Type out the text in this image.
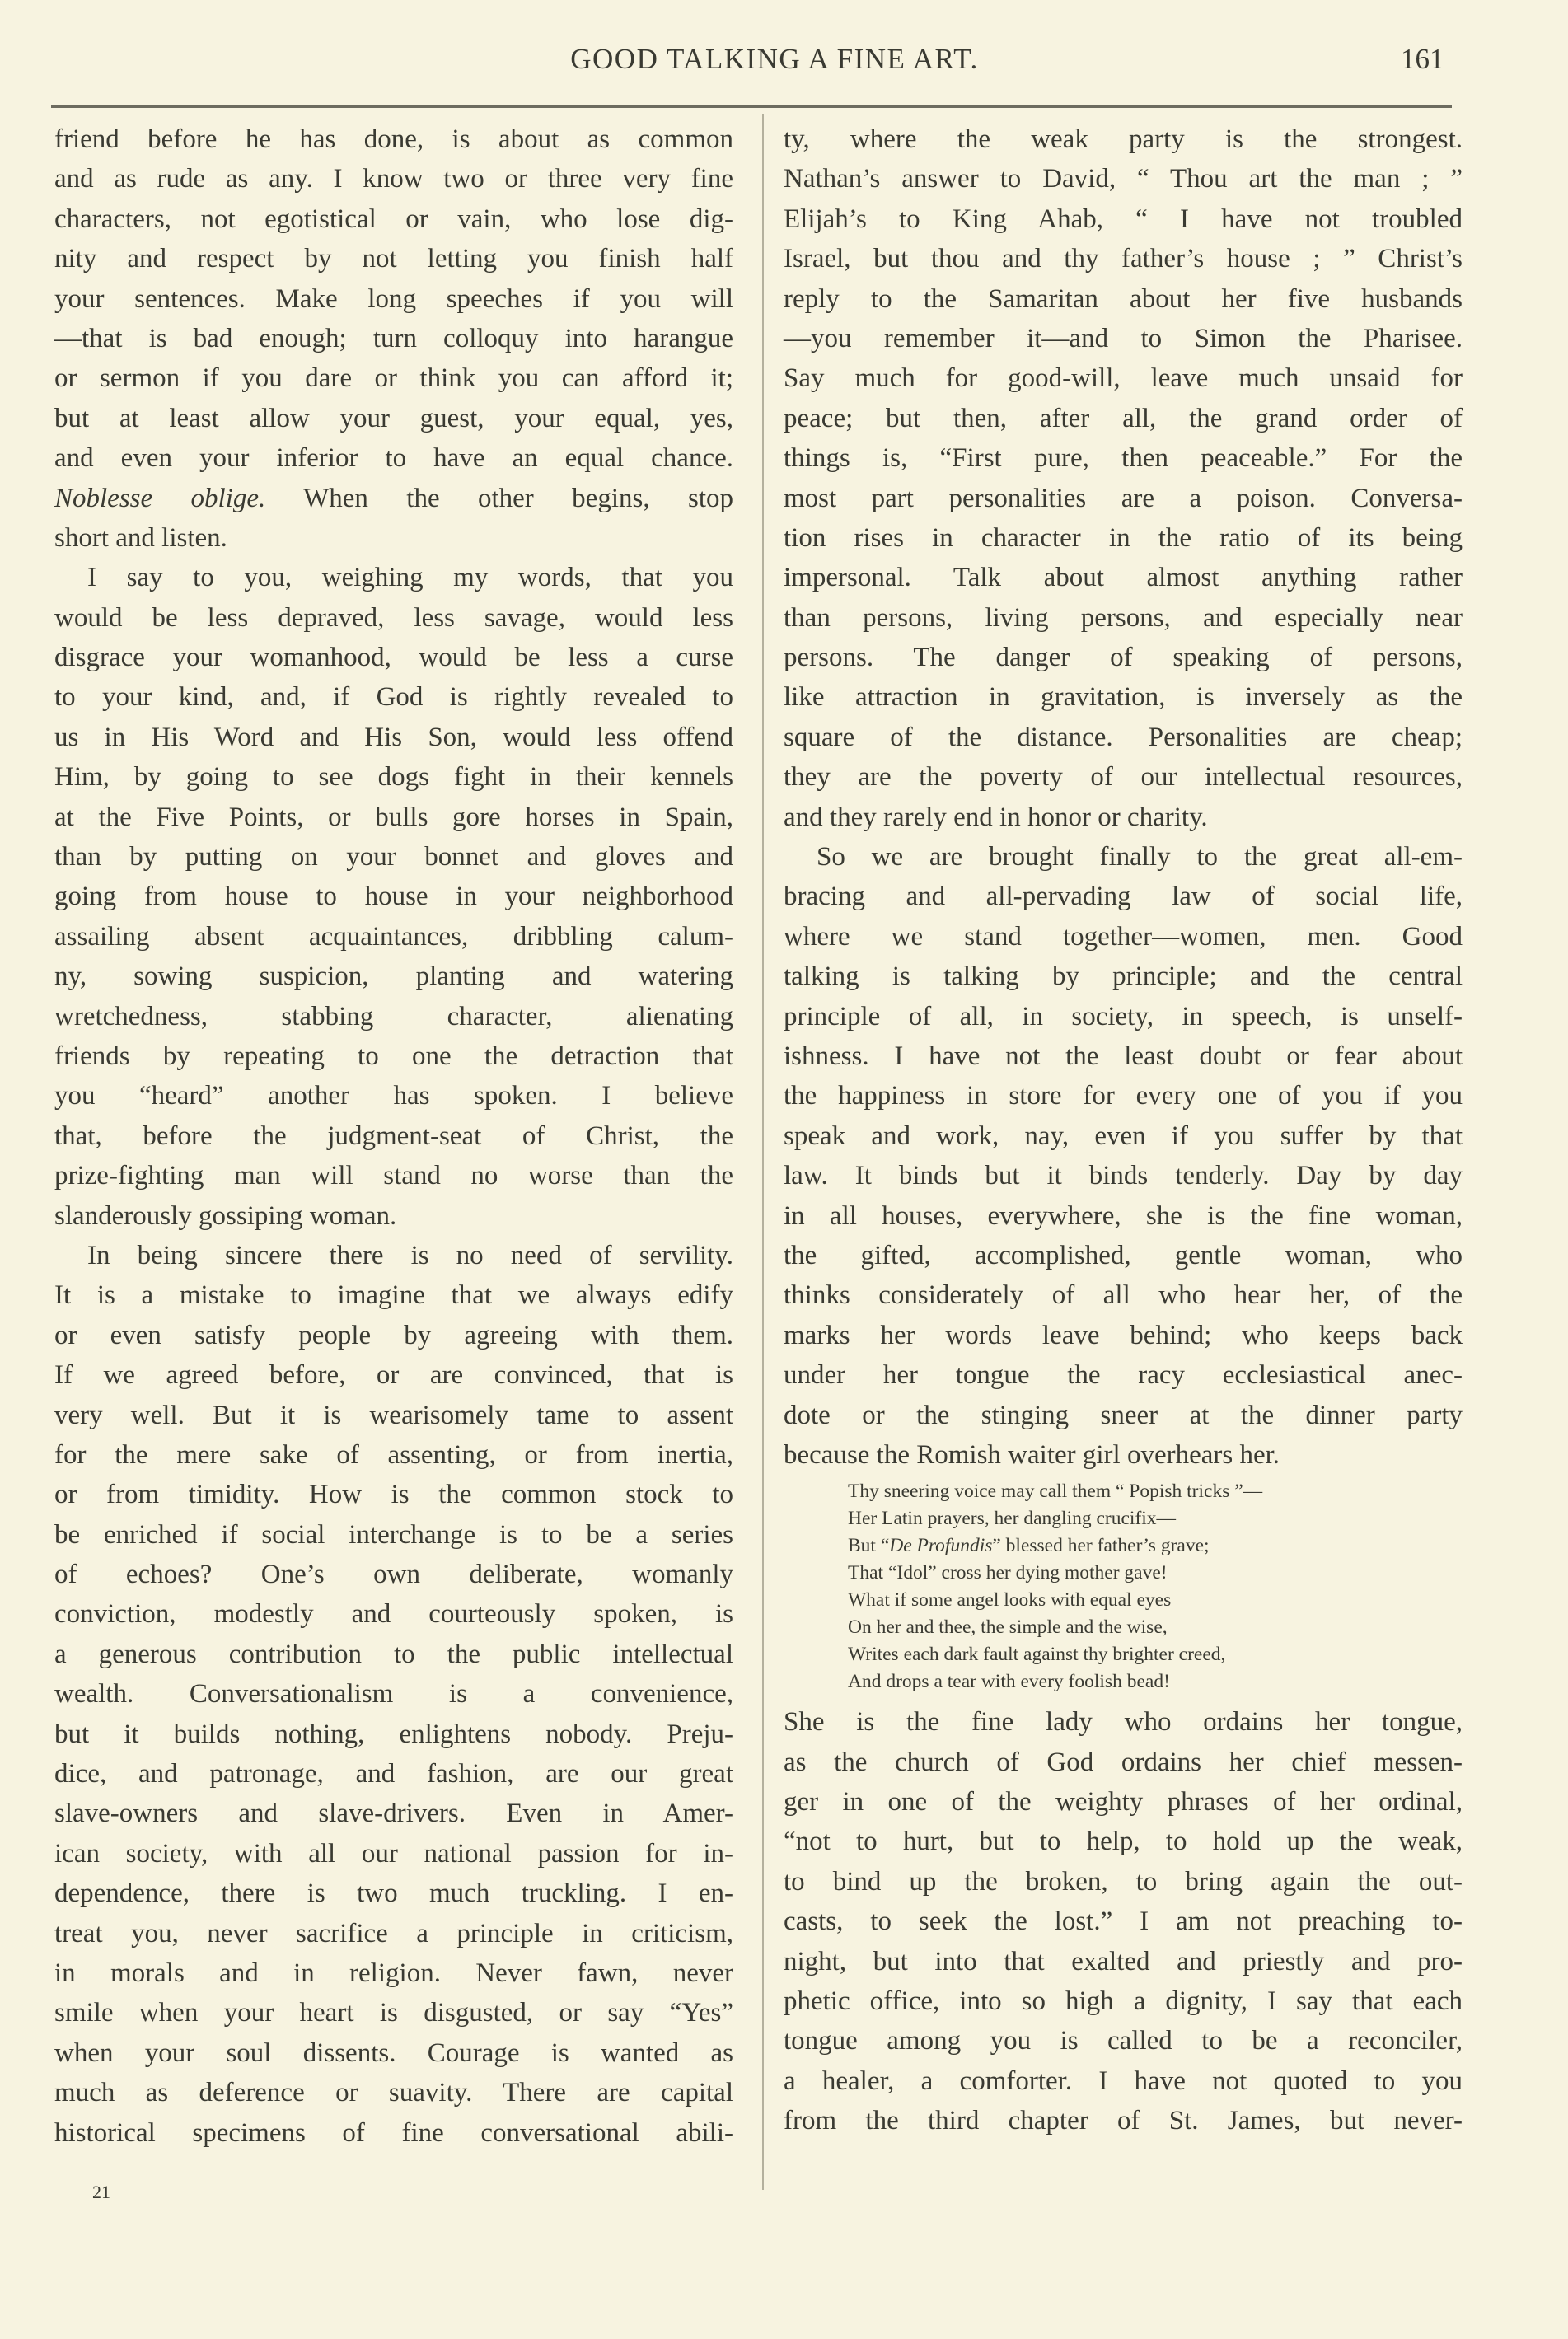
GOOD TALKING A FINE ART.	161
friend before he has done, is about as common
and as rude as any. I know two or three very fine
characters, not egotistical or vain, who lose dig-
nity and respect by not letting you finish half
your sentences. Make long speeches if you will
—that is bad enough; turn colloquy into harangue
or sermon if you dare or think you can afford it;
but at least allow your guest, your equal, yes,
and even your inferior to have an equal chance.
Noblesse oblige. When the other begins, stop
short and listen.
I say to you, weighing my words, that you
would be less depraved, less savage, would less
disgrace your womanhood, would be less a curse
to your kind, and, if God is rightly revealed to
us in His Word and His Son, would less offend
Him, by going to see dogs fight in their kennels
at the Five Points, or bulls gore horses in Spain,
than by putting on your bonnet and gloves and
going from house to house in your neighborhood
assailing absent acquaintances, dribbling calum-
ny, sowing suspicion, planting and watering
wretchedness, stabbing character, alienating
friends by repeating to one the detraction that
you “heard” another has spoken. I believe
that, before the judgment-seat of Christ, the
prize-fighting man will stand no worse than the
slanderously gossiping woman.
In being sincere there is no need of servility.
It is a mistake to imagine that we always edify
or even satisfy people by agreeing with them.
If we agreed before, or are convinced, that is
very well. But it is wearisomely tame to assent
for the mere sake of assenting, or from inertia,
or from timidity. How is the common stock to
be enriched if social interchange is to be a series
of echoes? One’s own deliberate, womanly
conviction, modestly and courteously spoken, is
a generous contribution to the public intellectual
wealth. Conversationalism is a convenience,
but it builds nothing, enlightens nobody. Preju-
dice, and patronage, and fashion, are our great
slave-owners and slave-drivers. Even in Amer-
ican society, with all our national passion for in-
dependence, there is two much truckling. I en-
treat you, never sacrifice a principle in criticism,
in morals and in religion. Never fawn, never
smile when your heart is disgusted, or say “Yes”
when your soul dissents. Courage is wanted as
much as deference or suavity. There are capital
historical specimens of fine conversational abili-
ty, where the weak party is the strongest.
Nathan’s answer to David, “ Thou art the man ; ”
Elijah’s to King Ahab, “ I have not troubled
Israel, but thou and thy father’s house ; ” Christ’s
reply to the Samaritan about her five husbands
—you remember it—and to Simon the Pharisee.
Say much for good-will, leave much unsaid for
peace; but then, after all, the grand order of
things is, “First pure, then peaceable.” For the
most part personalities are a poison. Conversa-
tion rises in character in the ratio of its being
impersonal. Talk about almost anything rather
than persons, living persons, and especially near
persons. The danger of speaking of persons,
like attraction in gravitation, is inversely as the
square of the distance. Personalities are cheap;
they are the poverty of our intellectual resources,
and they rarely end in honor or charity.
So we are brought finally to the great all-em-
bracing and all-pervading law of social life,
where we stand together—women, men. Good
talking is talking by principle; and the central
principle of all, in society, in speech, is unself-
ishness. I have not the least doubt or fear about
the happiness in store for every one of you if you
speak and work, nay, even if you suffer by that
law. It binds but it binds tenderly. Day by day
in all houses, everywhere, she is the fine woman,
the gifted, accomplished, gentle woman, who
thinks considerately of all who hear her, of the
marks her words leave behind; who keeps back
under her tongue the racy ecclesiastical anec-
dote or the stinging sneer at the dinner party
because the Romish waiter girl overhears her.
Thy sneering voice may call them “ Popish tricks ”—
Her Latin prayers, her dangling crucifix—
But “De Profundis” blessed her father’s grave;
That “Idol” cross her dying mother gave!
What if some angel looks with equal eyes
On her and thee, the simple and the wise,
Writes each dark fault against thy brighter creed,
And drops a tear with every foolish bead!
She is the fine lady who ordains her tongue,
as the church of God ordains her chief messen-
ger in one of the weighty phrases of her ordinal,
“not to hurt, but to help, to hold up the weak,
to bind up the broken, to bring again the out-
casts, to seek the lost.” I am not preaching to-
night, but into that exalted and priestly and pro-
phetic office, into so high a dignity, I say that each
tongue among you is called to be a reconciler,
a healer, a comforter. I have not quoted to you
from the third chapter of St. James, but never-
21
